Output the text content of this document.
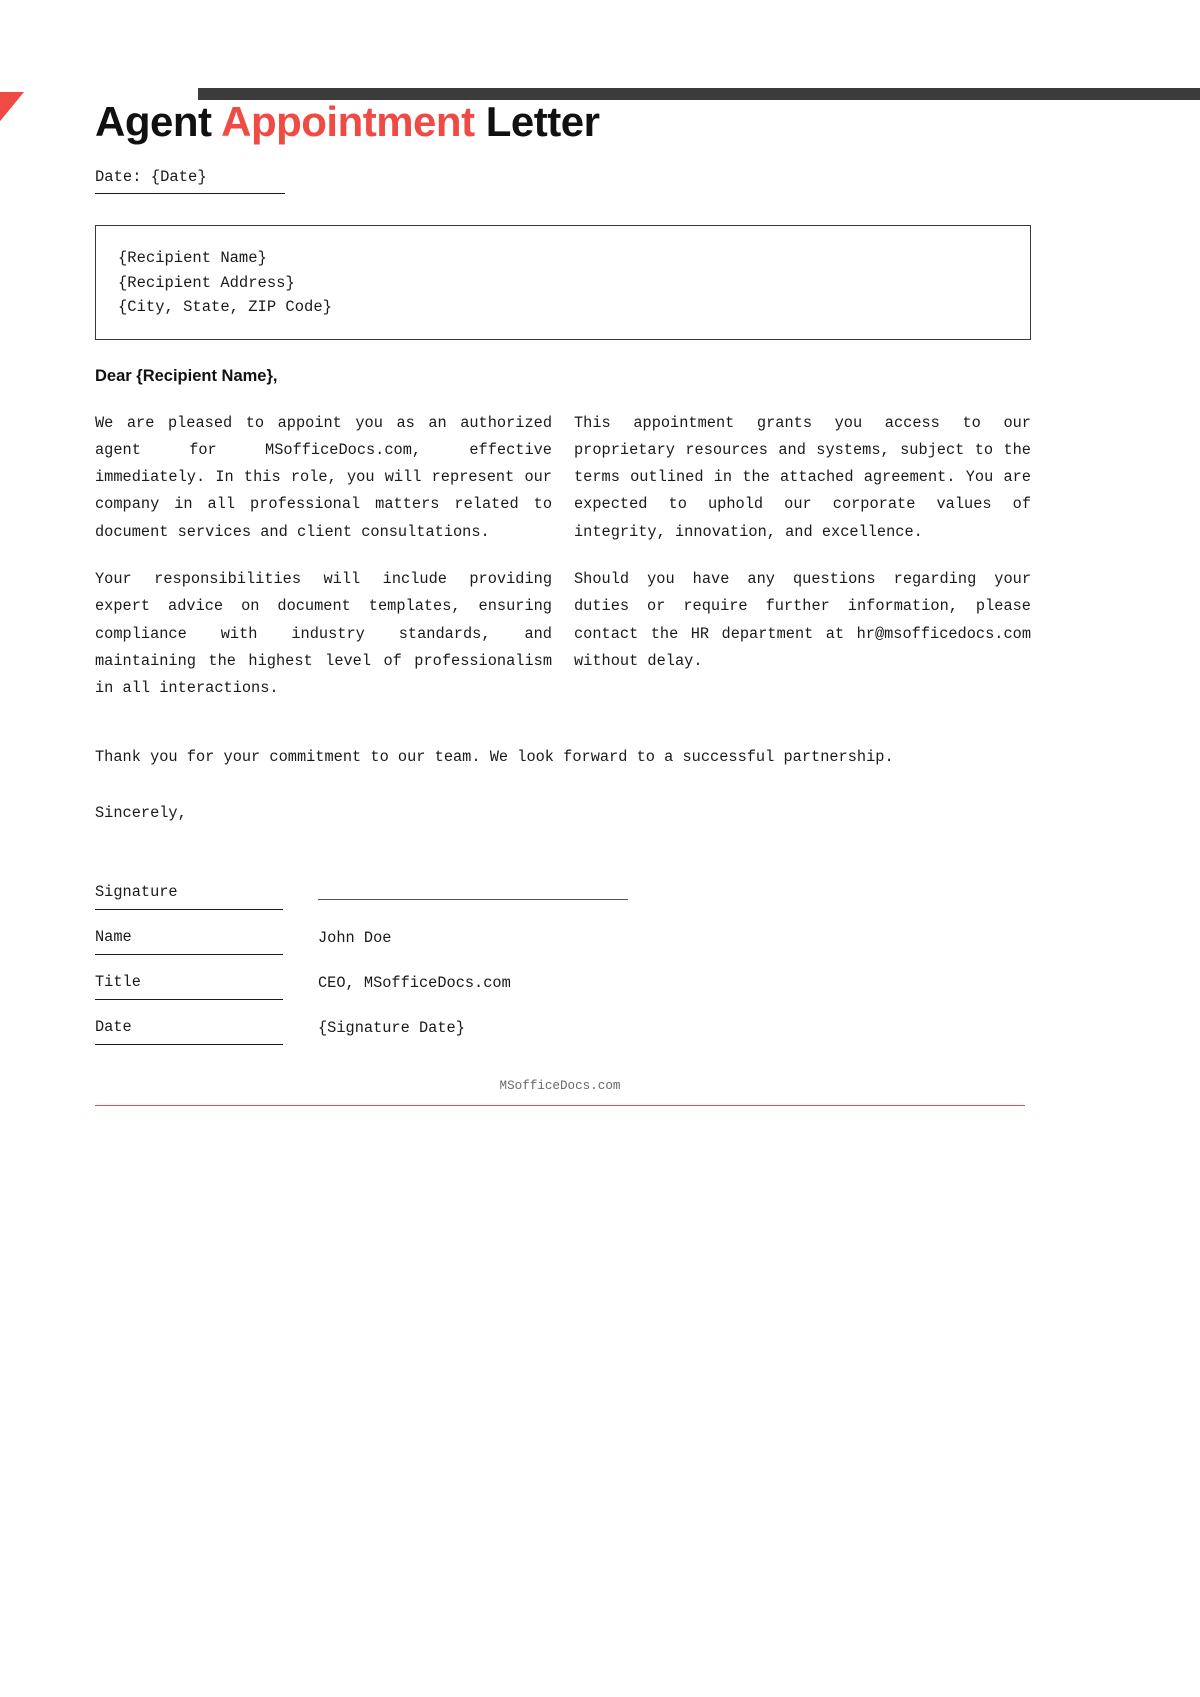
Agent Appointment Letter
Date: {Date}
{Recipient Name}
{Recipient Address}
{City, State, ZIP Code}
Dear {Recipient Name},

We are pleased to appoint you as an authorized agent for MSofficeDocs.com, effective immediately. In this role, you will represent our company in all professional matters related to document services and client consultations.

Your responsibilities will include providing expert advice on document templates, ensuring compliance with industry standards, and maintaining the highest level of professionalism in all interactions.

This appointment grants you access to our proprietary resources and systems, subject to the terms outlined in the attached agreement. You are expected to uphold our corporate values of integrity, innovation, and excellence.

Should you have any questions regarding your duties or require further information, please contact the HR department at hr@msofficedocs.com without delay.

Thank you for your commitment to our team. We look forward to a successful partnership.

Sincerely,

Signature	

Name	John Doe
Title	CEO, MSofficeDocs.com
Date	{Signature Date}
MSofficeDocs.com
